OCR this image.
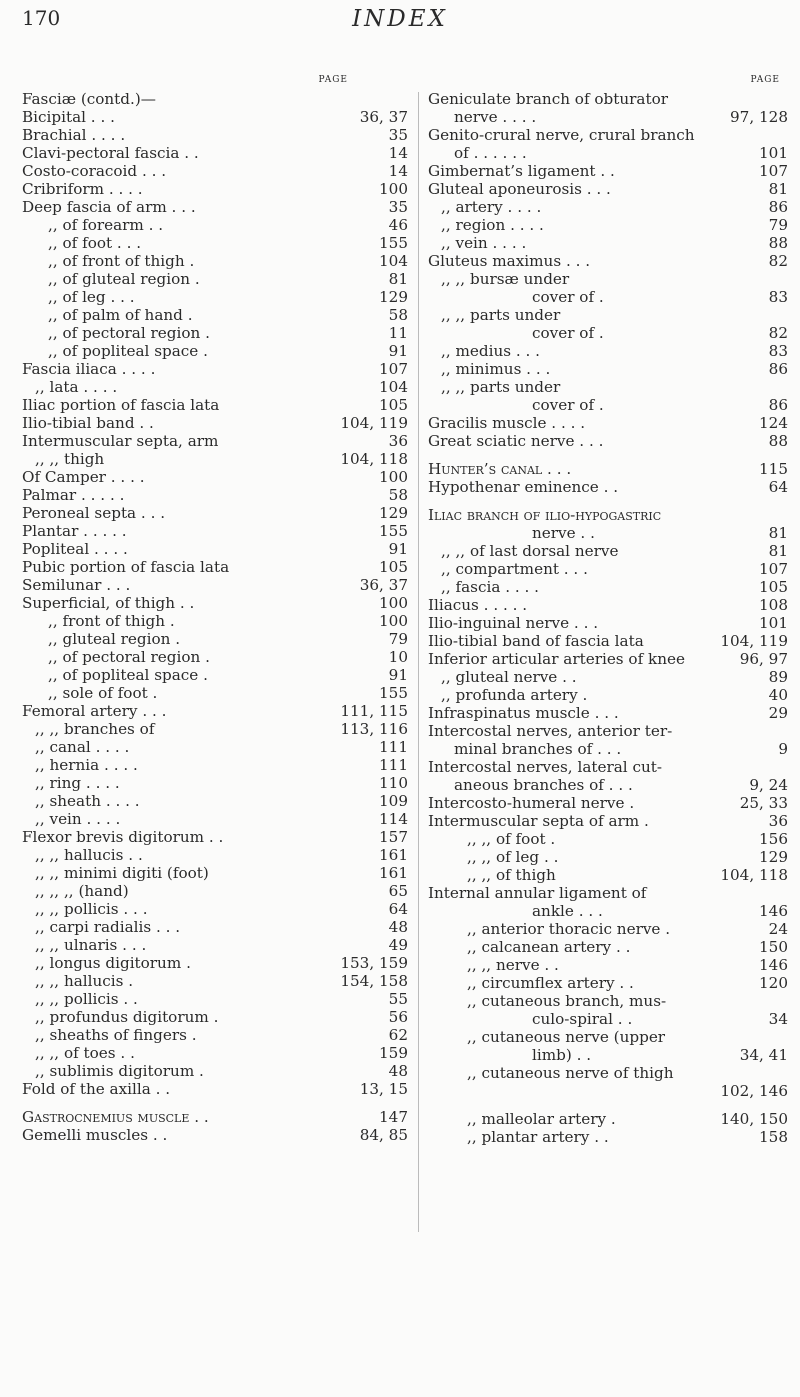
170	INDEX
PAGE
Fasciæ (contd.)—
Bicipital . . .	36, 37
Brachial . . . .	35
Clavi-pectoral fascia . .	14
Costo-coracoid . . .	14
Cribriform . . . .	100
Deep fascia of arm . . .	35
,, of forearm . .	46
,, of foot . . .	155
,, of front of thigh .	104
,, of gluteal region .	81
,, of leg . . .	129
,, of palm of hand .	58
,, of pectoral region .	11
,, of popliteal space .	91
Fascia iliaca . . . .	107
,, lata . . . .	104
Iliac portion of fascia lata	105
Ilio-tibial band . .	104, 119
Intermuscular septa, arm	36
,, ,, thigh	104, 118
Of Camper . . . .	100
Palmar . . . . .	58
Peroneal septa . . .	129
Plantar . . . . .	155
Popliteal . . . .	91
Pubic portion of fascia lata	105
Semilunar . . .	36, 37
Superficial, of thigh . .	100
,, front of thigh .	100
,, gluteal region .	79
,, of pectoral region .	10
,, of popliteal space .	91
,, sole of foot .	155
Femoral artery . . .	111, 115
,, ,, branches of	113, 116
,, canal . . . .	111
,, hernia . . . .	111
,, ring . . . .	110
,, sheath . . . .	109
,, vein . . . .	114
Flexor brevis digitorum . .	157
,, ,, hallucis . .	161
,, ,, minimi digiti (foot)	161
,, ,, ,, (hand)	65
,, ,, pollicis . . .	64
,, carpi radialis . . .	48
,, ,, ulnaris . . .	49
,, longus digitorum .	153, 159
,, ,, hallucis .	154, 158
,, ,, pollicis . .	55
,, profundus digitorum .	56
,, sheaths of fingers .	62
,, ,, of toes . .	159
,, sublimis digitorum .	48
Fold of the axilla . .	13, 15
Gastrocnemius muscle . .	147
Gemelli muscles . .	84, 85
PAGE
Geniculate branch of obturator
nerve . . . .	97, 128
Genito-crural nerve, crural branch
of . . . . . .	101
Gimbernat’s ligament . .	107
Gluteal aponeurosis . . .	81
,, artery . . . .	86
,, region . . . .	79
,, vein . . . .	88
Gluteus maximus . . .	82
,, ,, bursæ under
cover of .	83
,, ,, parts under
cover of .	82
,, medius . . .	83
,, minimus . . .	86
,, ,, parts under
cover of .	86
Gracilis muscle . . . .	124
Great sciatic nerve . . .	88
Hunter’s canal . . .	115
Hypothenar eminence . .	64
Iliac branch of ilio-hypogastric
nerve . .	81
,, ,, of last dorsal nerve	81
,, compartment . . .	107
,, fascia . . . .	105
Iliacus . . . . .	108
Ilio-inguinal nerve . . .	101
Ilio-tibial band of fascia lata	104, 119
Inferior articular arteries of knee	96, 97
,, gluteal nerve . .	89
,, profunda artery .	40
Infraspinatus muscle . . .	29
Intercostal nerves, anterior ter-
minal branches of . . .	9
Intercostal nerves, lateral cut-
aneous branches of . . .	9, 24
Intercosto-humeral nerve .	25, 33
Intermuscular septa of arm .	36
,, ,, of foot .	156
,, ,, of leg . .	129
,, ,, of thigh	104, 118
Internal annular ligament of
ankle . . .	146
,, anterior thoracic nerve .	24
,, calcanean artery . .	150
,, ,, nerve . .	146
,, circumflex artery . .	120
,, cutaneous branch, mus-
culo-spiral . .	34
,, cutaneous nerve (upper
limb) . .	34, 41
,, cutaneous nerve of thigh
102, 146
,, malleolar artery .	140, 150
,, plantar artery . .	158
